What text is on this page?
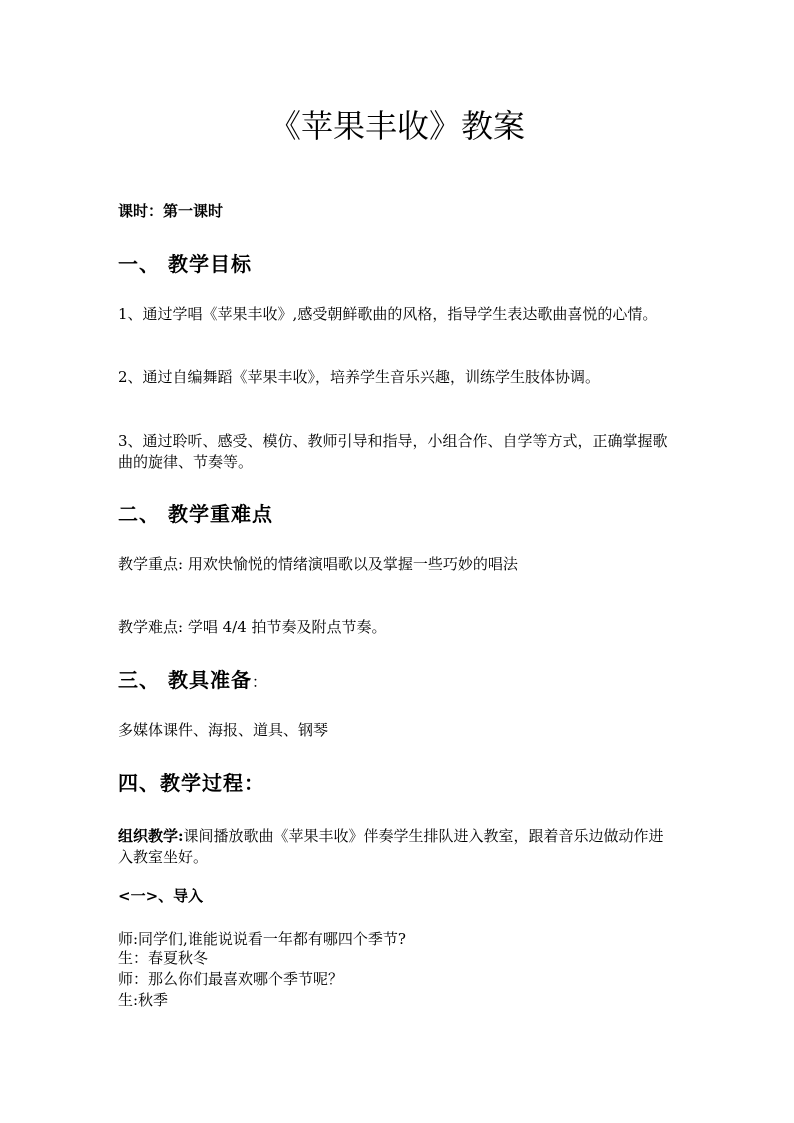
《苹果丰收》教案
课时：第一课时
一、 教学目标
1、通过学唱《苹果丰收》,感受朝鲜歌曲的风格，指导学生表达歌曲喜悦的心情。
2、通过自编舞蹈《苹果丰收》，培养学生音乐兴趣，训练学生肢体协调。
3、通过聆听、感受、模仿、教师引导和指导，小组合作、自学等方式，正确掌握歌曲的旋律、节奏等。
二、 教学重难点
教学重点: 用欢快愉悦的情绪演唱歌以及掌握一些巧妙的唱法
教学难点: 学唱 4/4 拍节奏及附点节奏。
三、 教具准备：
多媒体课件、海报、道具、钢琴
四、教学过程：
组织教学:课间播放歌曲《苹果丰收》伴奏学生排队进入教室，跟着音乐边做动作进入教室坐好。
<一>、导入
师:同学们,谁能说说看一年都有哪四个季节?
生：春夏秋冬
师：那么你们最喜欢哪个季节呢？
生:秋季
